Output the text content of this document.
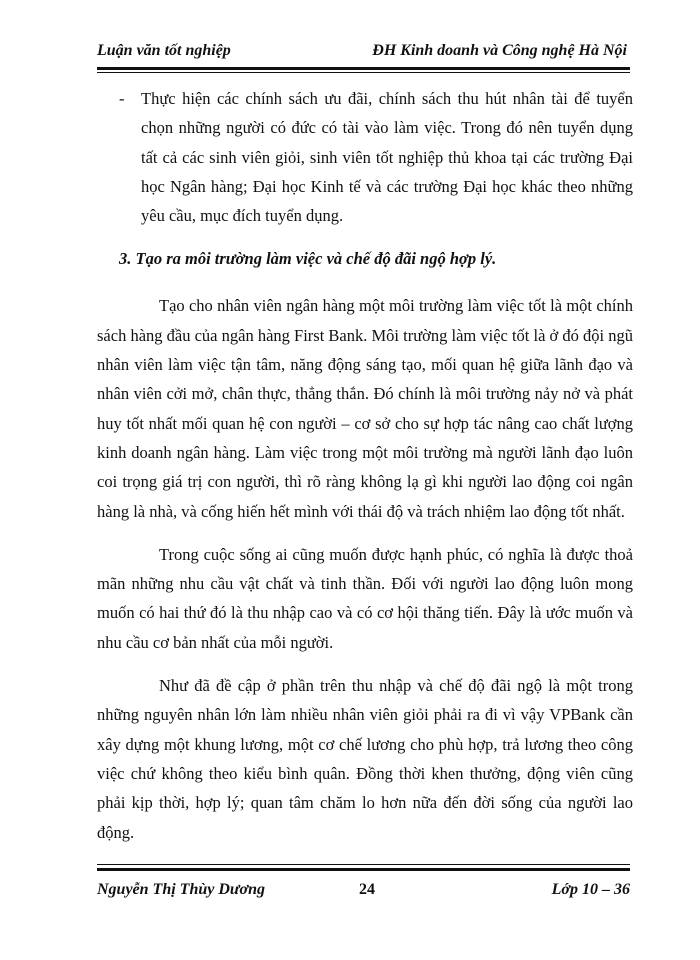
Luận văn tốt nghiệp	ĐH Kinh doanh và Công nghệ Hà Nội
- Thực hiện các chính sách ưu đãi, chính sách thu hút nhân tài để tuyển chọn những người có đức có tài vào làm việc. Trong đó nên tuyển dụng tất cả các sinh viên giỏi, sinh viên tốt nghiệp thủ khoa tại các trường Đại học Ngân hàng; Đại học Kinh tế và các trường Đại học khác theo những yêu cầu, mục đích tuyển dụng.
3. Tạo ra môi trường làm việc và chế độ đãi ngộ hợp lý.

Tạo cho nhân viên ngân hàng một môi trường làm việc tốt là một chính sách hàng đầu của ngân hàng First Bank. Môi trường làm việc tốt là ở đó đội ngũ nhân viên làm việc tận tâm, năng động sáng tạo, mối quan hệ giữa lãnh đạo và nhân viên cởi mở, chân thực, thẳng thắn. Đó chính là môi trường nảy nở và phát huy tốt nhất mối quan hệ con người – cơ sở cho sự hợp tác nâng cao chất lượng kinh doanh ngân hàng. Làm việc trong một môi trường mà người lãnh đạo luôn coi trọng giá trị con người, thì rõ ràng không lạ gì khi người lao động coi ngân hàng là nhà, và cống hiến hết mình với thái độ và trách nhiệm lao động tốt nhất.

Trong cuộc sống ai cũng muốn được hạnh phúc, có nghĩa là được thoả mãn những nhu cầu vật chất và tinh thần. Đối với người lao động luôn mong muốn có hai thứ đó là thu nhập cao và có cơ hội thăng tiến. Đây là ước muốn và nhu cầu cơ bản nhất của mỗi người.

Như đã đề cập ở phần trên thu nhập và chế độ đãi ngộ là một trong những nguyên nhân lớn làm nhiều nhân viên giỏi phải ra đi vì vậy VPBank cần xây dựng một khung lương, một cơ chế lương cho phù hợp, trả lương theo công việc chứ không theo kiểu bình quân. Đồng thời khen thưởng, động viên cũng phải kịp thời, hợp lý; quan tâm chăm lo hơn nữa đến đời sống của người lao động.

Nguyễn Thị Thùy Dương	24	Lớp 10 – 36
